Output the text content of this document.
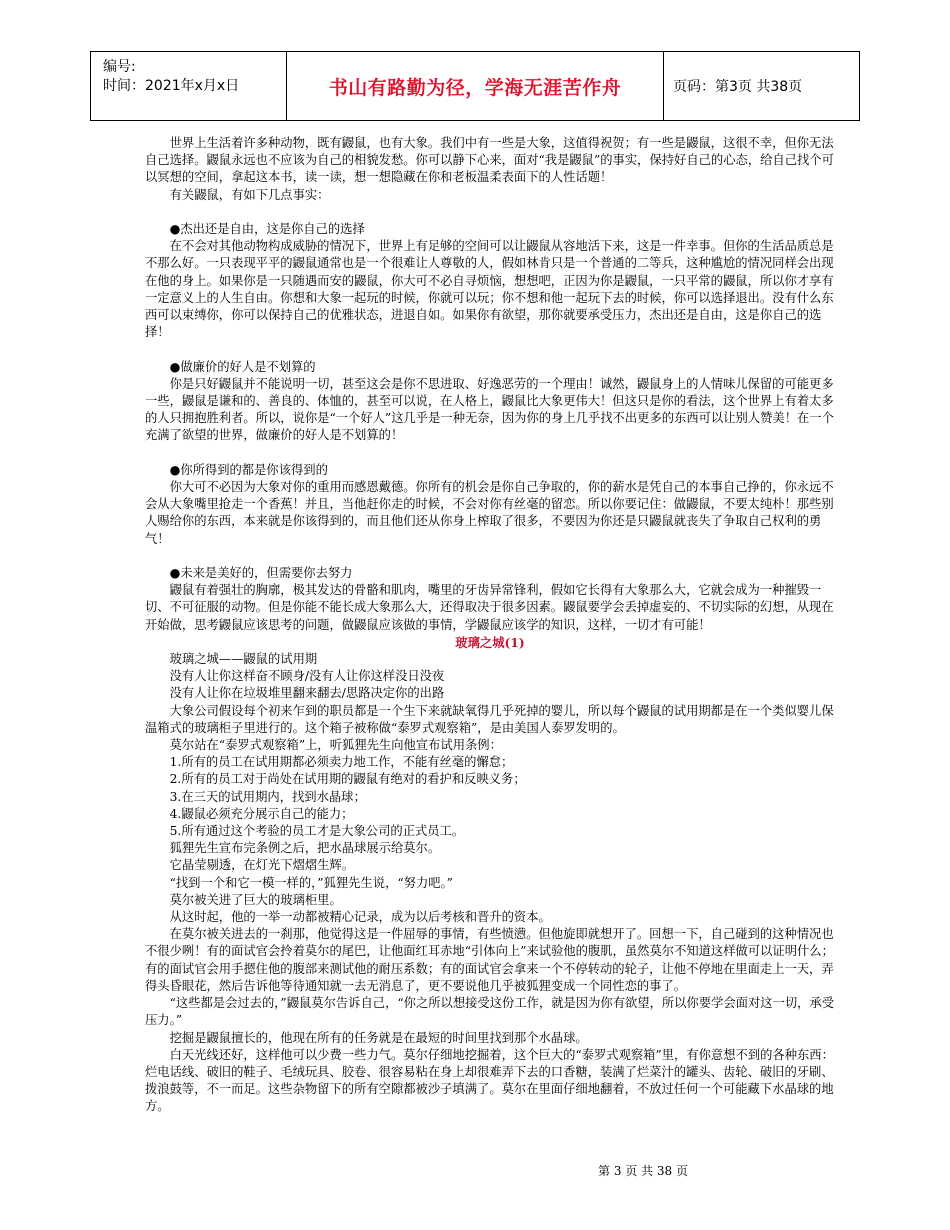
编号:
时间：2021年x月x日	书山有路勤为径，学海无涯苦作舟	页码：第3页 共38页

世界上生活着许多种动物，既有鼹鼠，也有大象。我们中有一些是大象，这值得祝贺；有一些是鼹鼠，这很不幸，但你无法自己选择。鼹鼠永远也不应该为自己的相貌发愁。你可以静下心来，面对“我是鼹鼠”的事实，保持好自己的心态，给自己找个可以冥想的空间，拿起这本书，读一读，想一想隐藏在你和老板温柔表面下的人性话题！

有关鼹鼠，有如下几点事实：

●杰出还是自由，这是你自己的选择

在不会对其他动物构成威胁的情况下，世界上有足够的空间可以让鼹鼠从容地活下来，这是一件幸事。但你的生活品质总是不那么好。一只表现平平的鼹鼠通常也是一个很难让人尊敬的人，假如林肯只是一个普通的二等兵，这种尴尬的情况同样会出现在他的身上。如果你是一只随遇而安的鼹鼠，你大可不必自寻烦恼，想想吧，正因为你是鼹鼠，一只平常的鼹鼠，所以你才享有一定意义上的人生自由。你想和大象一起玩的时候，你就可以玩；你不想和他一起玩下去的时候，你可以选择退出。没有什么东西可以束缚你，你可以保持自己的优雅状态，进退自如。如果你有欲望，那你就要承受压力，杰出还是自由，这是你自己的选择！

●做廉价的好人是不划算的

你是只好鼹鼠并不能说明一切，甚至这会是你不思进取、好逸恶劳的一个理由！诚然，鼹鼠身上的人情味儿保留的可能更多一些，鼹鼠是谦和的、善良的、体恤的，甚至可以说，在人格上，鼹鼠比大象更伟大！但这只是你的看法，这个世界上有着太多的人只拥抱胜利者。所以，说你是“一个好人”这几乎是一种无奈，因为你的身上几乎找不出更多的东西可以让别人赞美！在一个充满了欲望的世界，做廉价的好人是不划算的！

●你所得到的都是你该得到的

你大可不必因为大象对你的重用而感恩戴德。你所有的机会是你自己争取的，你的薪水是凭自己的本事自己挣的，你永远不会从大象嘴里抢走一个香蕉！并且，当他赶你走的时候，不会对你有丝毫的留恋。所以你要记住：做鼹鼠，不要太纯朴！那些别人赐给你的东西，本来就是你该得到的，而且他们还从你身上榨取了很多，不要因为你还是只鼹鼠就丧失了争取自己权利的勇气！

●未来是美好的，但需要你去努力

鼹鼠有着强壮的胸廓，极其发达的骨骼和肌肉，嘴里的牙齿异常锋利，假如它长得有大象那么大，它就会成为一种摧毁一切、不可征服的动物。但是你能不能长成大象那么大，还得取决于很多因素。鼹鼠要学会丢掉虚妄的、不切实际的幻想，从现在开始做，思考鼹鼠应该思考的问题，做鼹鼠应该做的事情，学鼹鼠应该学的知识，这样，一切才有可能！

玻璃之城(1)

玻璃之城——鼹鼠的试用期

没有人让你这样奋不顾身/没有人让你这样没日没夜

没有人让你在垃圾堆里翻来翻去/思路决定你的出路

大象公司假设每个初来乍到的职员都是一个生下来就缺氧得几乎死掉的婴儿，所以每个鼹鼠的试用期都是在一个类似婴儿保温箱式的玻璃柜子里进行的。这个箱子被称做“泰罗式观察箱”，是由美国人泰罗发明的。

莫尔站在“泰罗式观察箱”上，听狐狸先生向他宣布试用条例：

1.所有的员工在试用期都必须卖力地工作，不能有丝毫的懈怠；

2.所有的员工对于尚处在试用期的鼹鼠有绝对的看护和反映义务；

3.在三天的试用期内，找到水晶球；

4.鼹鼠必须充分展示自己的能力；

5.所有通过这个考验的员工才是大象公司的正式员工。

狐狸先生宣布完条例之后，把水晶球展示给莫尔。

它晶莹剔透，在灯光下熠熠生辉。

“找到一个和它一模一样的，”狐狸先生说，“努力吧。”

莫尔被关进了巨大的玻璃柜里。

从这时起，他的一举一动都被精心记录，成为以后考核和晋升的资本。

在莫尔被关进去的一刹那，他觉得这是一件屈辱的事情，有些愤懑。但他旋即就想开了。回想一下，自己碰到的这种情况也不很少咧！有的面试官会拎着莫尔的尾巴，让他面红耳赤地“引体向上”来试验他的腹肌，虽然莫尔不知道这样做可以证明什么；有的面试官会用手摁住他的腹部来测试他的耐压系数；有的面试官会拿来一个不停转动的轮子，让他不停地在里面走上一天，弄得头昏眼花，然后告诉他等待通知就一去无消息了，更不要说他几乎被狐狸变成一个同性恋的事了。

“这些都是会过去的，”鼹鼠莫尔告诉自己，“你之所以想接受这份工作，就是因为你有欲望，所以你要学会面对这一切，承受压力。”

挖掘是鼹鼠擅长的，他现在所有的任务就是在最短的时间里找到那个水晶球。

白天光线还好，这样他可以少费一些力气。莫尔仔细地挖掘着，这个巨大的“泰罗式观察箱”里，有你意想不到的各种东西：烂电话线、破旧的鞋子、毛绒玩具、胶卷、很容易粘在身上却很难弄下去的口香糖，装满了烂菜汁的罐头、齿轮、破旧的牙刷、拨浪鼓等，不一而足。这些杂物留下的所有空隙都被沙子填满了。莫尔在里面仔细地翻着，不放过任何一个可能藏下水晶球的地方。

第 3 页 共 38 页
